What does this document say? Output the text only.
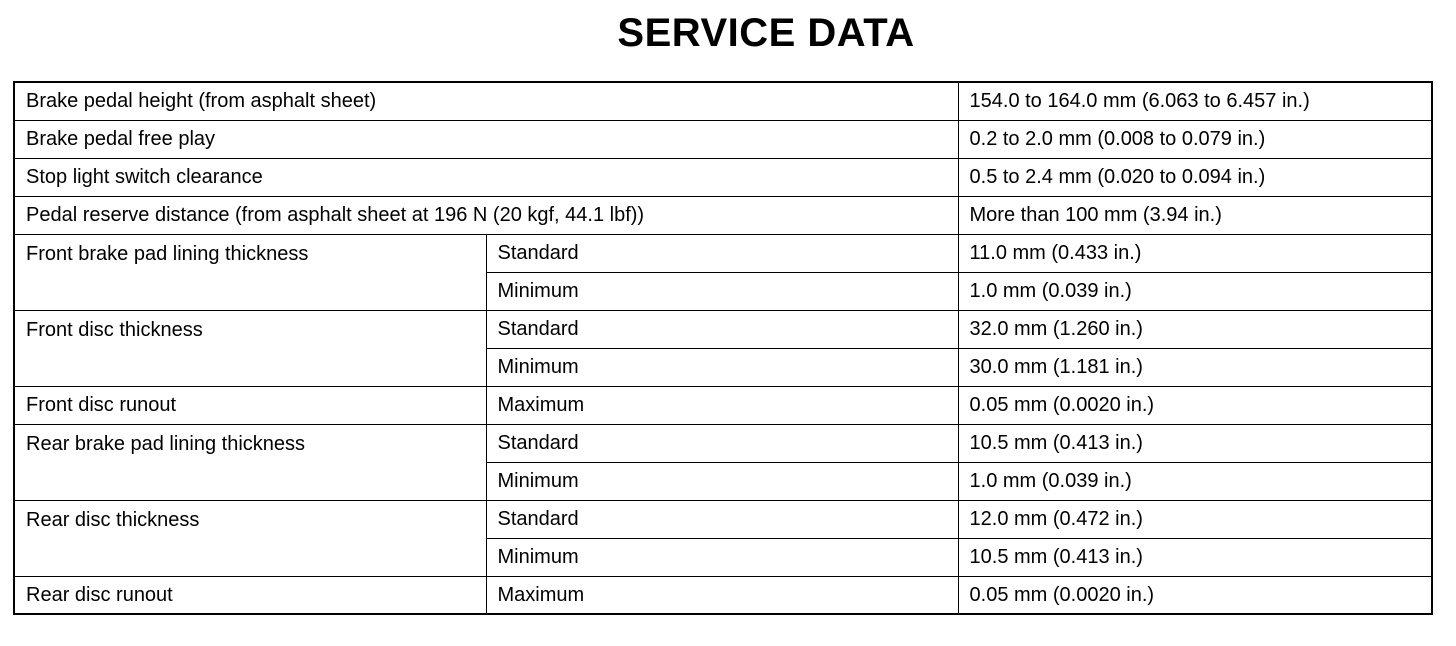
SERVICE DATA
Brake pedal height (from asphalt sheet)		154.0 to 164.0 mm (6.063 to 6.457 in.)
Brake pedal free play		0.2 to 2.0 mm (0.008 to 0.079 in.)
Stop light switch clearance		0.5 to 2.4 mm (0.020 to 0.094 in.)
Pedal reserve distance (from asphalt sheet at 196 N (20 kgf, 44.1 lbf))		More than 100 mm (3.94 in.)
Front brake pad lining thickness	Standard	11.0 mm (0.433 in.)
	Minimum	1.0 mm (0.039 in.)
Front disc thickness	Standard	32.0 mm (1.260 in.)
	Minimum	30.0 mm (1.181 in.)
Front disc runout	Maximum	0.05 mm (0.0020 in.)
Rear brake pad lining thickness	Standard	10.5 mm (0.413 in.)
	Minimum	1.0 mm (0.039 in.)
Rear disc thickness	Standard	12.0 mm (0.472 in.)
	Minimum	10.5 mm (0.413 in.)
Rear disc runout	Maximum	0.05 mm (0.0020 in.)
